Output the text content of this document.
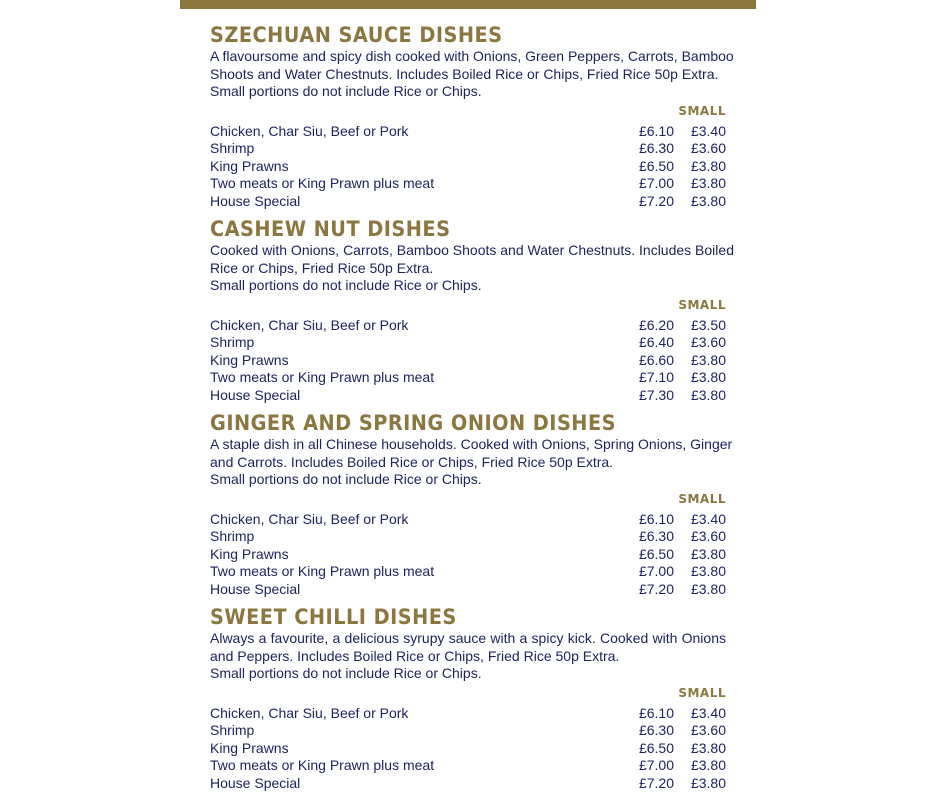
SZECHUAN SAUCE DISHES
A flavoursome and spicy dish cooked with Onions, Green Peppers, Carrots, Bamboo
Shoots and Water Chestnuts. Includes Boiled Rice or Chips, Fried Rice 50p Extra.
Small portions do not include Rice or Chips.
SMALL
Chicken, Char Siu, Beef or Pork	£6.10	£3.40
Shrimp	£6.30	£3.60
King Prawns	£6.50	£3.80
Two meats or King Prawn plus meat	£7.00	£3.80
House Special	£7.20	£3.80
CASHEW NUT DISHES
Cooked with Onions, Carrots, Bamboo Shoots and Water Chestnuts. Includes Boiled
Rice or Chips, Fried Rice 50p Extra.
Small portions do not include Rice or Chips.
SMALL
Chicken, Char Siu, Beef or Pork	£6.20	£3.50
Shrimp	£6.40	£3.60
King Prawns	£6.60	£3.80
Two meats or King Prawn plus meat	£7.10	£3.80
House Special	£7.30	£3.80
GINGER AND SPRING ONION DISHES
A staple dish in all Chinese households. Cooked with Onions, Spring Onions, Ginger
and Carrots. Includes Boiled Rice or Chips, Fried Rice 50p Extra.
Small portions do not include Rice or Chips.
SMALL
Chicken, Char Siu, Beef or Pork	£6.10	£3.40
Shrimp	£6.30	£3.60
King Prawns	£6.50	£3.80
Two meats or King Prawn plus meat	£7.00	£3.80
House Special	£7.20	£3.80
SWEET CHILLI DISHES
Always a favourite, a delicious syrupy sauce with a spicy kick. Cooked with Onions
and Peppers. Includes Boiled Rice or Chips, Fried Rice 50p Extra.
Small portions do not include Rice or Chips.
SMALL
Chicken, Char Siu, Beef or Pork	£6.10	£3.40
Shrimp	£6.30	£3.60
King Prawns	£6.50	£3.80
Two meats or King Prawn plus meat	£7.00	£3.80
House Special	£7.20	£3.80
